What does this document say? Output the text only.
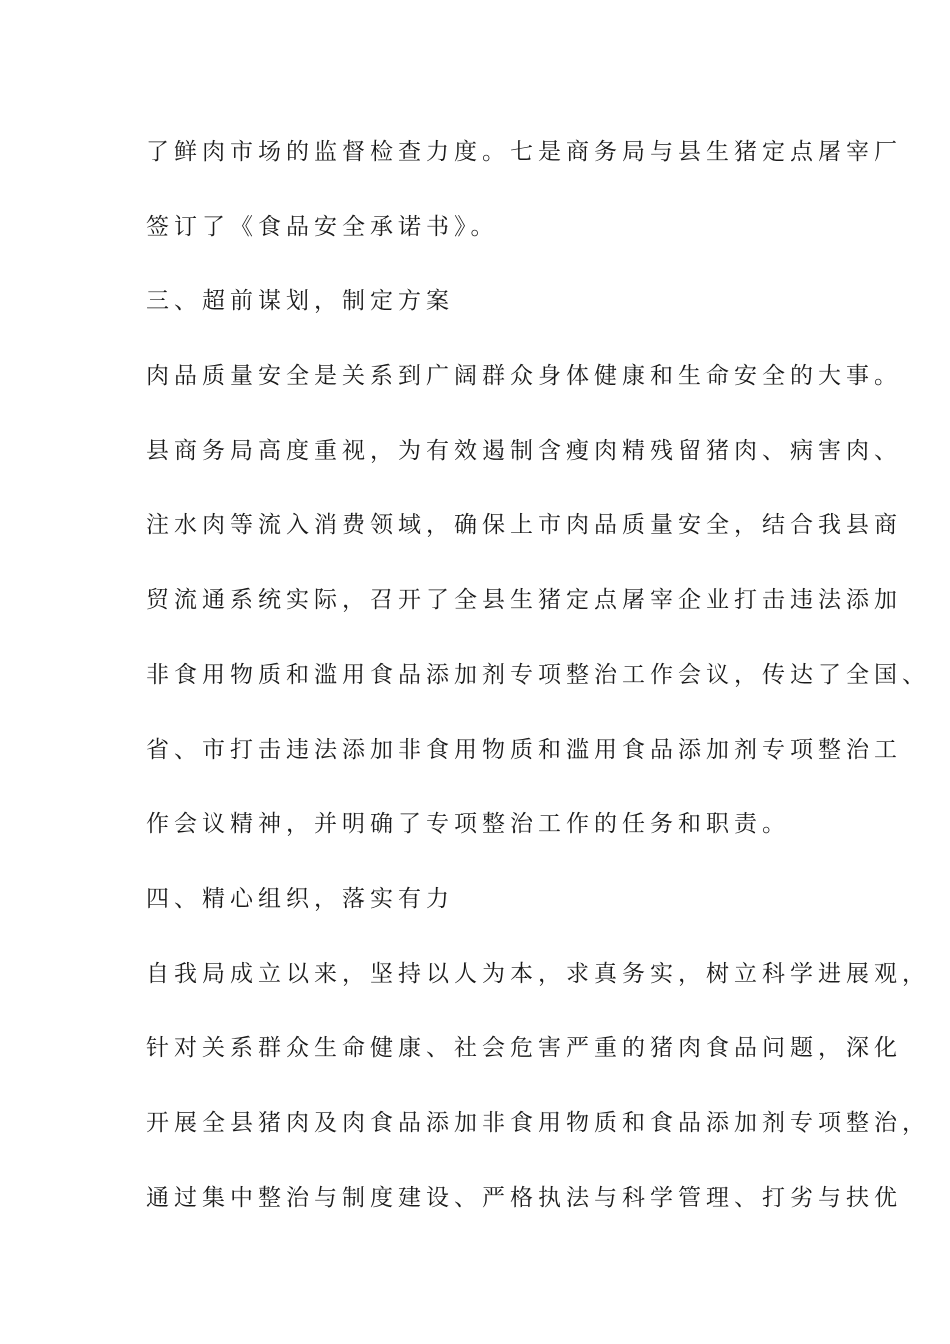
了鲜肉市场的监督检查力度。七是商务局与县生猪定点屠宰厂
签订了《食品安全承诺书》。
三、超前谋划，制定方案
肉品质量安全是关系到广阔群众身体健康和生命安全的大事。
县商务局高度重视，为有效遏制含瘦肉精残留猪肉、病害肉、
注水肉等流入消费领域，确保上市肉品质量安全，结合我县商
贸流通系统实际，召开了全县生猪定点屠宰企业打击违法添加
非食用物质和滥用食品添加剂专项整治工作会议，传达了全国、
省、市打击违法添加非食用物质和滥用食品添加剂专项整治工
作会议精神，并明确了专项整治工作的任务和职责。
四、精心组织，落实有力
自我局成立以来，坚持以人为本，求真务实，树立科学进展观，
针对关系群众生命健康、社会危害严重的猪肉食品问题，深化
开展全县猪肉及肉食品添加非食用物质和食品添加剂专项整治，
通过集中整治与制度建设、严格执法与科学管理、打劣与扶优
